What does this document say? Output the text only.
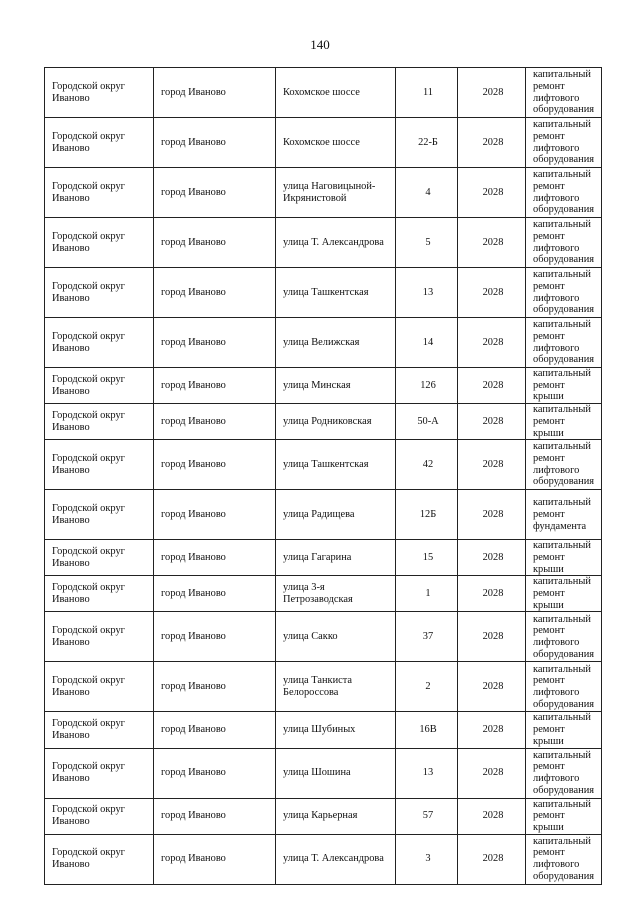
140
Городской округ Иваново	город Иваново	Кохомское шоссе	11	2028	капитальный ремонт лифтового оборудования
Городской округ Иваново	город Иваново	Кохомское шоссе	22-Б	2028	капитальный ремонт лифтового оборудования
Городской округ Иваново	город Иваново	улица Наговицыной-Икрянистовой	4	2028	капитальный ремонт лифтового оборудования
Городской округ Иваново	город Иваново	улица Т. Александрова	5	2028	капитальный ремонт лифтового оборудования
Городской округ Иваново	город Иваново	улица Ташкентская	13	2028	капитальный ремонт лифтового оборудования
Городской округ Иваново	город Иваново	улица Велижская	14	2028	капитальный ремонт лифтового оборудования
Городской округ Иваново	город Иваново	улица Минская	126	2028	капитальный ремонт крыши
Городской округ Иваново	город Иваново	улица Родниковская	50-А	2028	капитальный ремонт крыши
Городской округ Иваново	город Иваново	улица Ташкентская	42	2028	капитальный ремонт лифтового оборудования
Городской округ Иваново	город Иваново	улица Радищева	12Б	2028	капитальный ремонт фундамента
Городской округ Иваново	город Иваново	улица Гагарина	15	2028	капитальный ремонт крыши
Городской округ Иваново	город Иваново	улица 3-я Петрозаводская	1	2028	капитальный ремонт крыши
Городской округ Иваново	город Иваново	улица Сакко	37	2028	капитальный ремонт лифтового оборудования
Городской округ Иваново	город Иваново	улица Танкиста Белороссова	2	2028	капитальный ремонт лифтового оборудования
Городской округ Иваново	город Иваново	улица Шубиных	16В	2028	капитальный ремонт крыши
Городской округ Иваново	город Иваново	улица Шошина	13	2028	капитальный ремонт лифтового оборудования
Городской округ Иваново	город Иваново	улица Карьерная	57	2028	капитальный ремонт крыши
Городской округ Иваново	город Иваново	улица Т. Александрова	3	2028	капитальный ремонт лифтового оборудования
